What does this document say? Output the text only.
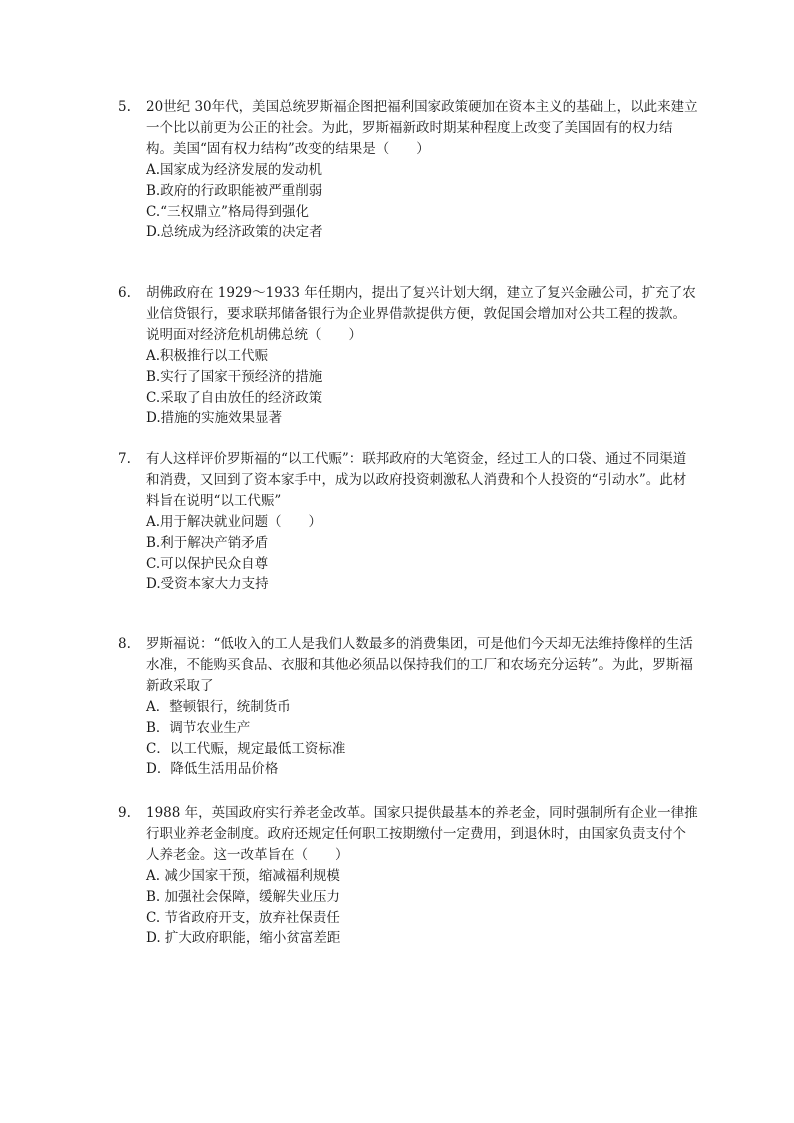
5. 20世纪 30年代，美国总统罗斯福企图把福利国家政策硬加在资本主义的基础上，以此来建立一个比以前更为公正的社会。为此，罗斯福新政时期某种程度上改变了美国固有的权力结构。美国“固有权力结构”改变的结果是（　　）

A.国家成为经济发展的发动机
B.政府的行政职能被严重削弱
C.“三权鼎立”格局得到强化
D.总统成为经济政策的决定者

6. 胡佛政府在 1929～1933 年任期内，提出了复兴计划大纲，建立了复兴金融公司，扩充了农业信贷银行，要求联邦储备银行为企业界借款提供方便，敦促国会增加对公共工程的拨款。说明面对经济危机胡佛总统（　　）

A.积极推行以工代赈
B.实行了国家干预经济的措施
C.采取了自由放任的经济政策
D.措施的实施效果显著

7. 有人这样评价罗斯福的“以工代赈”：联邦政府的大笔资金，经过工人的口袋、通过不同渠道和消费，又回到了资本家手中，成为以政府投资刺激私人消费和个人投资的“引动水”。此材料旨在说明“以工代赈”

A.用于解决就业问题（　　）
B.利于解决产销矛盾
C.可以保护民众自尊
D.受资本家大力支持

8. 罗斯福说：“低收入的工人是我们人数最多的消费集团，可是他们今天却无法维持像样的生活水准，不能购买食品、衣服和其他必须品以保持我们的工厂和农场充分运转”。为此，罗斯福新政采取了

A．整顿银行，统制货币
B．调节农业生产
C．以工代赈，规定最低工资标准
D．降低生活用品价格

9. 1988 年，英国政府实行养老金改革。国家只提供最基本的养老金，同时强制所有企业一律推行职业养老金制度。政府还规定任何职工按期缴付一定费用，到退休时，由国家负责支付个人养老金。这一改革旨在（　　）

A. 减少国家干预，缩减福利规模
B. 加强社会保障，缓解失业压力
C. 节省政府开支，放弃社保责任
D. 扩大政府职能，缩小贫富差距
